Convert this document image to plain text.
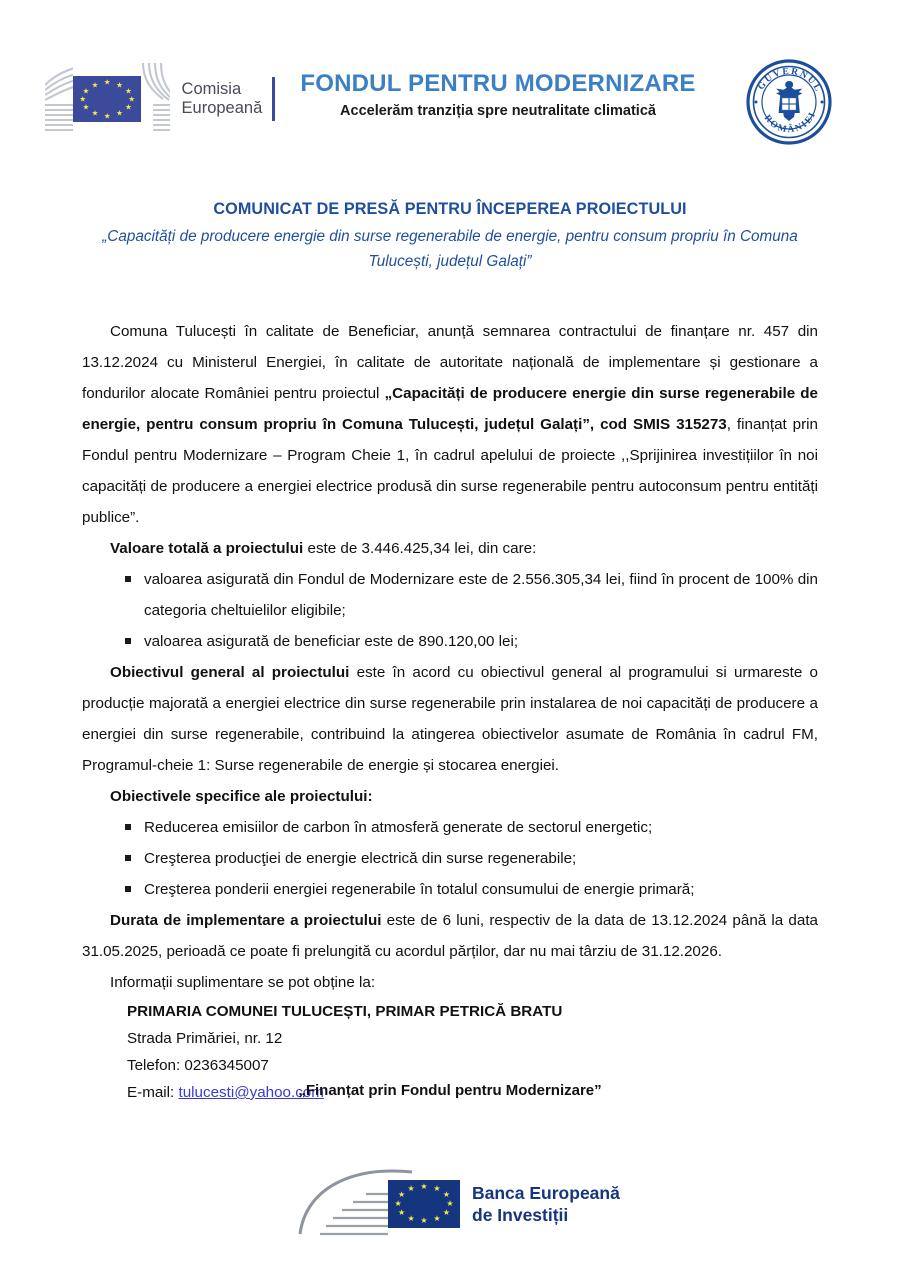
★ ★
★
★
★
★
★
★
★
★
★
★	Comisia
Europeană
FONDUL PENTRU MODERNIZARE
Accelerăm tranziția spre neutralitate climatică
GUVERNUL
ROMÂNIEI
COMUNICAT DE PRESĂ PENTRU ÎNCEPEREA PROIECTULUI
„Capacități de producere energie din surse regenerabile de energie, pentru consum propriu în Comuna Tulucești, județul Galați”

Comuna Tulucești în calitate de Beneficiar, anunță semnarea contractului de finanțare nr. 457 din 13.12.2024 cu Ministerul Energiei, în calitate de autoritate națională de implementare și gestionare a fondurilor alocate României pentru proiectul „Capacități de producere energie din surse regenerabile de energie, pentru consum propriu în Comuna Tulucești, județul Galați”, cod SMIS 315273, finanțat prin Fondul pentru Modernizare – Program Cheie 1, în cadrul apelului de proiecte ,,Sprijinirea investițiilor în noi capacități de producere a energiei electrice produsă din surse regenerabile pentru autoconsum pentru entități publice”.

Valoare totală a proiectului este de 3.446.425,34 lei, din care:

valoarea asigurată din Fondul de Modernizare este de 2.556.305,34 lei, fiind în procent de 100% din categoria cheltuielilor eligibile;
valoarea asigurată de beneficiar este de 890.120,00 lei;

Obiectivul general al proiectului este în acord cu obiectivul general al programului si urmareste o producție majorată a energiei electrice din surse regenerabile prin instalarea de noi capacități de producere a energiei din surse regenerabile, contribuind la atingerea obiectivelor asumate de România în cadrul FM, Programul-cheie 1: Surse regenerabile de energie și stocarea energiei.

Obiectivele specifice ale proiectului:

Reducerea emisiilor de carbon în atmosferă generate de sectorul energetic;
Creşterea producţiei de energie electrică din surse regenerabile;
Creşterea ponderii energiei regenerabile în totalul consumului de energie primară;

Durata de implementare a proiectului este de 6 luni, respectiv de la data de 13.12.2024 până la data 31.05.2025, perioadă ce poate fi prelungită cu acordul părților, dar nu mai târziu de 31.12.2026.

Informații suplimentare se pot obține la:

PRIMARIA COMUNEI TULUCEȘTI, PRIMAR PETRICĂ BRATU
Strada Primăriei, nr. 12
Telefon: 0236345007
E-mail: tulucesti@yahoo.com
„Finanțat prin Fondul pentru Modernizare”
★ ★
★
★
★
★
★
★
★
★
★
★	Banca Europeană
de Investiții
